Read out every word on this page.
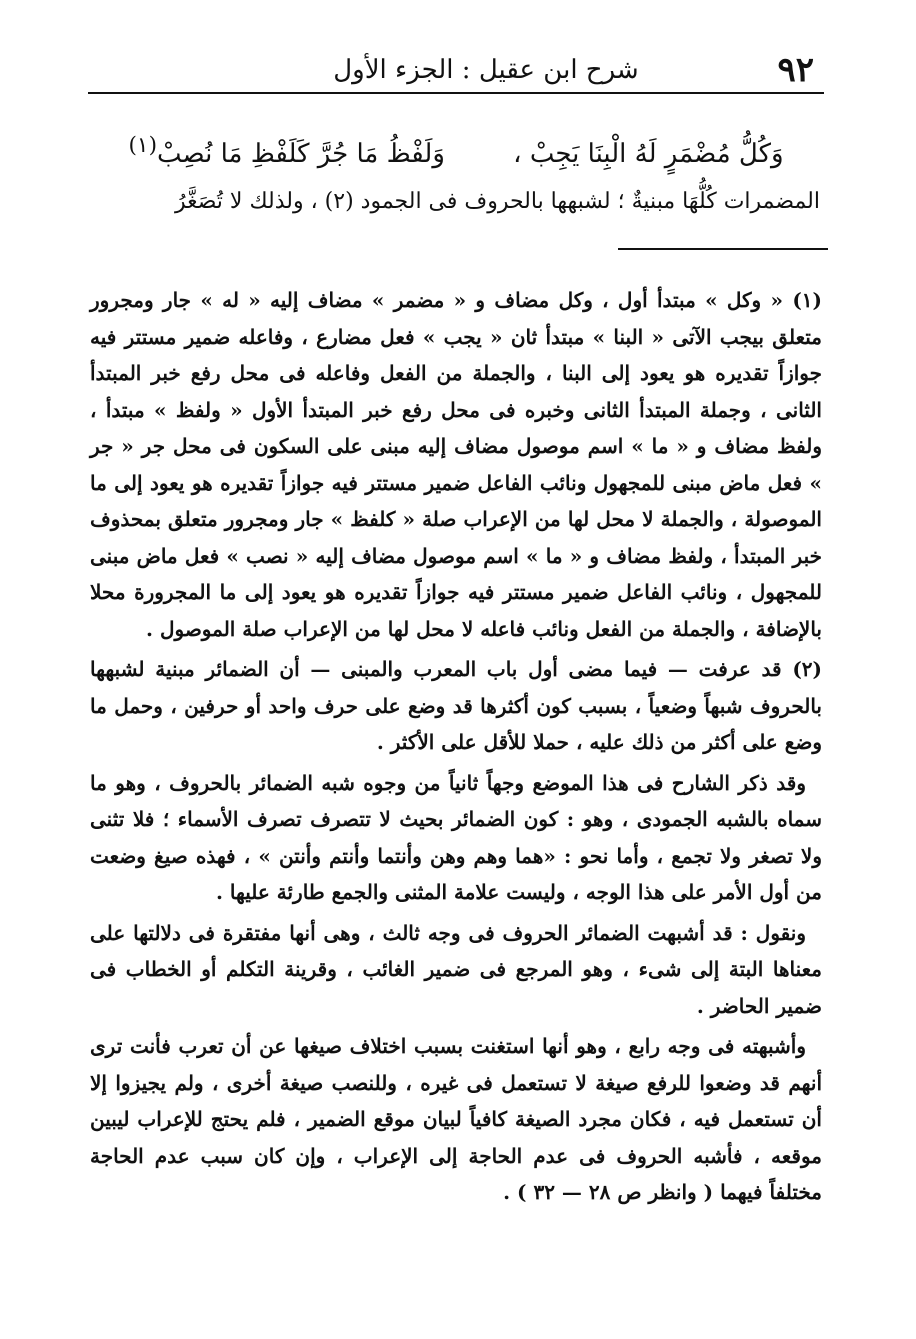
٩٢
شرح ابن عقيل : الجزء الأول
وَكُلُّ مُضْمَرٍ لَهُ الْبِنَا يَجِبْ ، وَلَفْظُ مَا جُرَّ كَلَفْظِ مَا نُصِبْ$^{(١)}$
المضمرات كُلُّهَا مبنيةٌ ؛ لشبهها بالحروف فى الجمود (٢) ، ولذلك لا تُصَغَّرُ

(١) « وكل » مبتدأ أول ، وكل مضاف و « مضمر » مضاف إليه « له » جار ومجرور متعلق بيجب الآتى « البنا » مبتدأ ثان « يجب » فعل مضارع ، وفاعله ضمير مستتر فيه جوازاً تقديره هو يعود إلى البنا ، والجملة من الفعل وفاعله فى محل رفع خبر المبتدأ الثانى ، وجملة المبتدأ الثانى وخبره فى محل رفع خبر المبتدأ الأول « ولفظ » مبتدأ ، ولفظ مضاف و « ما » اسم موصول مضاف إليه مبنى على السكون فى محل جر « جر » فعل ماض مبنى للمجهول ونائب الفاعل ضمير مستتر فيه جوازاً تقديره هو يعود إلى ما الموصولة ، والجملة لا محل لها من الإعراب صلة « كلفظ » جار ومجرور متعلق بمحذوف خبر المبتدأ ، ولفظ مضاف و « ما » اسم موصول مضاف إليه « نصب » فعل ماض مبنى للمجهول ، ونائب الفاعل ضمير مستتر فيه جوازاً تقديره هو يعود إلى ما المجرورة محلا بالإضافة ، والجملة من الفعل ونائب فاعله لا محل لها من الإعراب صلة الموصول .

(٢) قد عرفت — فيما مضى أول باب المعرب والمبنى — أن الضمائر مبنية لشبهها بالحروف شبهاً وضعياً ، بسبب كون أكثرها قد وضع على حرف واحد أو حرفين ، وحمل ما وضع على أكثر من ذلك عليه ، حملا للأقل على الأكثر .

وقد ذكر الشارح فى هذا الموضع وجهاً ثانياً من وجوه شبه الضمائر بالحروف ، وهو ما سماه بالشبه الجمودى ، وهو : كون الضمائر بحيث لا تتصرف تصرف الأسماء ؛ فلا تثنى ولا تصغر ولا تجمع ، وأما نحو : «هما وهم وهن وأنتما وأنتم وأنتن » ، فهذه صيغ وضعت من أول الأمر على هذا الوجه ، وليست علامة المثنى والجمع طارئة عليها .

ونقول : قد أشبهت الضمائر الحروف فى وجه ثالث ، وهى أنها مفتقرة فى دلالتها على معناها البتة إلى شىء ، وهو المرجع فى ضمير الغائب ، وقرينة التكلم أو الخطاب فى ضمير الحاضر .

وأشبهته فى وجه رابع ، وهو أنها استغنت بسبب اختلاف صيغها عن أن تعرب فأنت ترى أنهم قد وضعوا للرفع صيغة لا تستعمل فى غيره ، وللنصب صيغة أخرى ، ولم يجيزوا إلا أن تستعمل فيه ، فكان مجرد الصيغة كافياً لبيان موقع الضمير ، فلم يحتج للإعراب ليبين موقعه ، فأشبه الحروف فى عدم الحاجة إلى الإعراب ، وإن كان سبب عدم الحاجة مختلفاً فيهما ( وانظر ص ٢٨ — ٣٢ ) .
